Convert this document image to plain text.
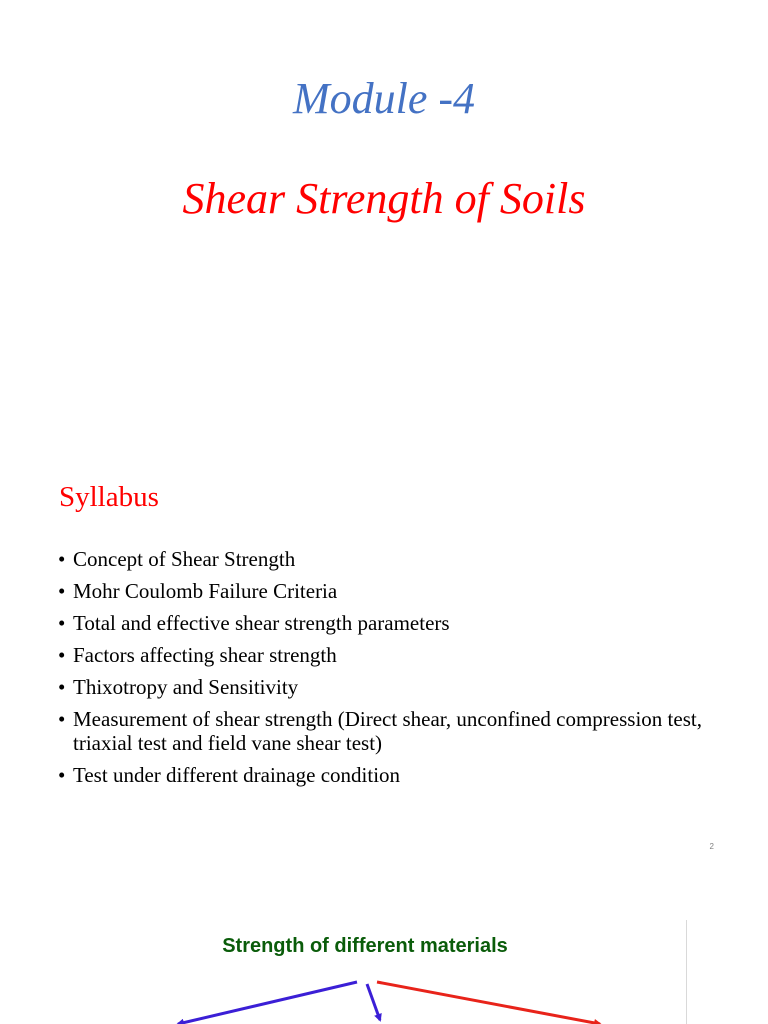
Module -4
Shear Strength of Soils
Syllabus
• Concept of Shear Strength
• Mohr Coulomb Failure Criteria
• Total and effective shear strength parameters
• Factors affecting shear strength
• Thixotropy and Sensitivity
• Measurement of shear strength (Direct shear, unconfined compression test, triaxial test and field vane shear test)
• Test under different drainage condition
2
Strength of different materials
